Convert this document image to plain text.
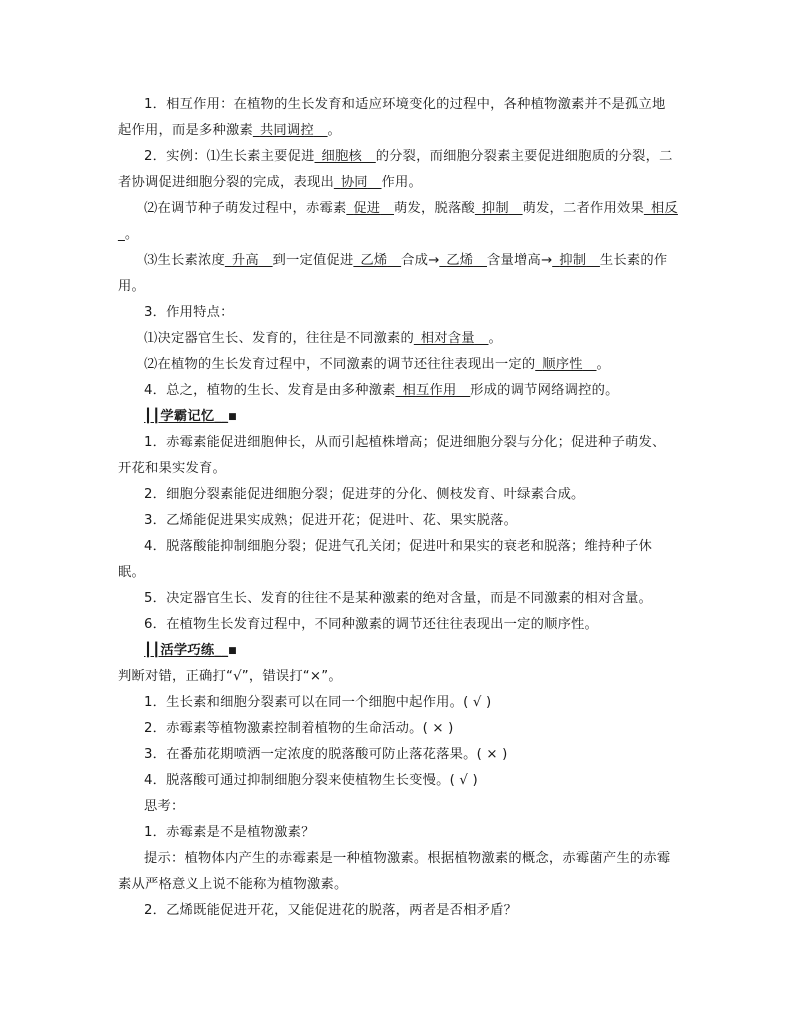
1．相互作用：在植物的生长发育和适应环境变化的过程中，各种植物激素并不是孤立地起作用，而是多种激素_共同调控__。

2．实例：⑴生长素主要促进_细胞核__的分裂，而细胞分裂素主要促进细胞质的分裂，二者协调促进细胞分裂的完成，表现出_协同__作用。

⑵在调节种子萌发过程中，赤霉素_促进__萌发，脱落酸_抑制__萌发，二者作用效果_相反_。

⑶生长素浓度_升高__到一定值促进_乙烯__合成→_乙烯__含量增高→_抑制__生长素的作用。

3．作用特点：

⑴决定器官生长、发育的，往往是不同激素的_相对含量__。

⑵在植物的生长发育过程中，不同激素的调节还往往表现出一定的_顺序性__。

4．总之，植物的生长、发育是由多种激素_相互作用__形成的调节网络调控的。

┃┃学霸记忆__■

1．赤霉素能促进细胞伸长，从而引起植株增高；促进细胞分裂与分化；促进种子萌发、开花和果实发育。

2．细胞分裂素能促进细胞分裂；促进芽的分化、侧枝发育、叶绿素合成。

3．乙烯能促进果实成熟；促进开花；促进叶、花、果实脱落。

4．脱落酸能抑制细胞分裂；促进气孔关闭；促进叶和果实的衰老和脱落；维持种子休眠。

5．决定器官生长、发育的往往不是某种激素的绝对含量，而是不同激素的相对含量。

6．在植物生长发育过程中，不同种激素的调节还往往表现出一定的顺序性。

┃┃活学巧练__■

判断对错，正确打“√”，错误打“×”。

1．生长素和细胞分裂素可以在同一个细胞中起作用。( √ )

2．赤霉素等植物激素控制着植物的生命活动。( × )

3．在番茄花期喷洒一定浓度的脱落酸可防止落花落果。( × )

4．脱落酸可通过抑制细胞分裂来使植物生长变慢。( √ )

思考：

1．赤霉素是不是植物激素？

提示：植物体内产生的赤霉素是一种植物激素。根据植物激素的概念，赤霉菌产生的赤霉素从严格意义上说不能称为植物激素。

2．乙烯既能促进开花，又能促进花的脱落，两者是否相矛盾？
